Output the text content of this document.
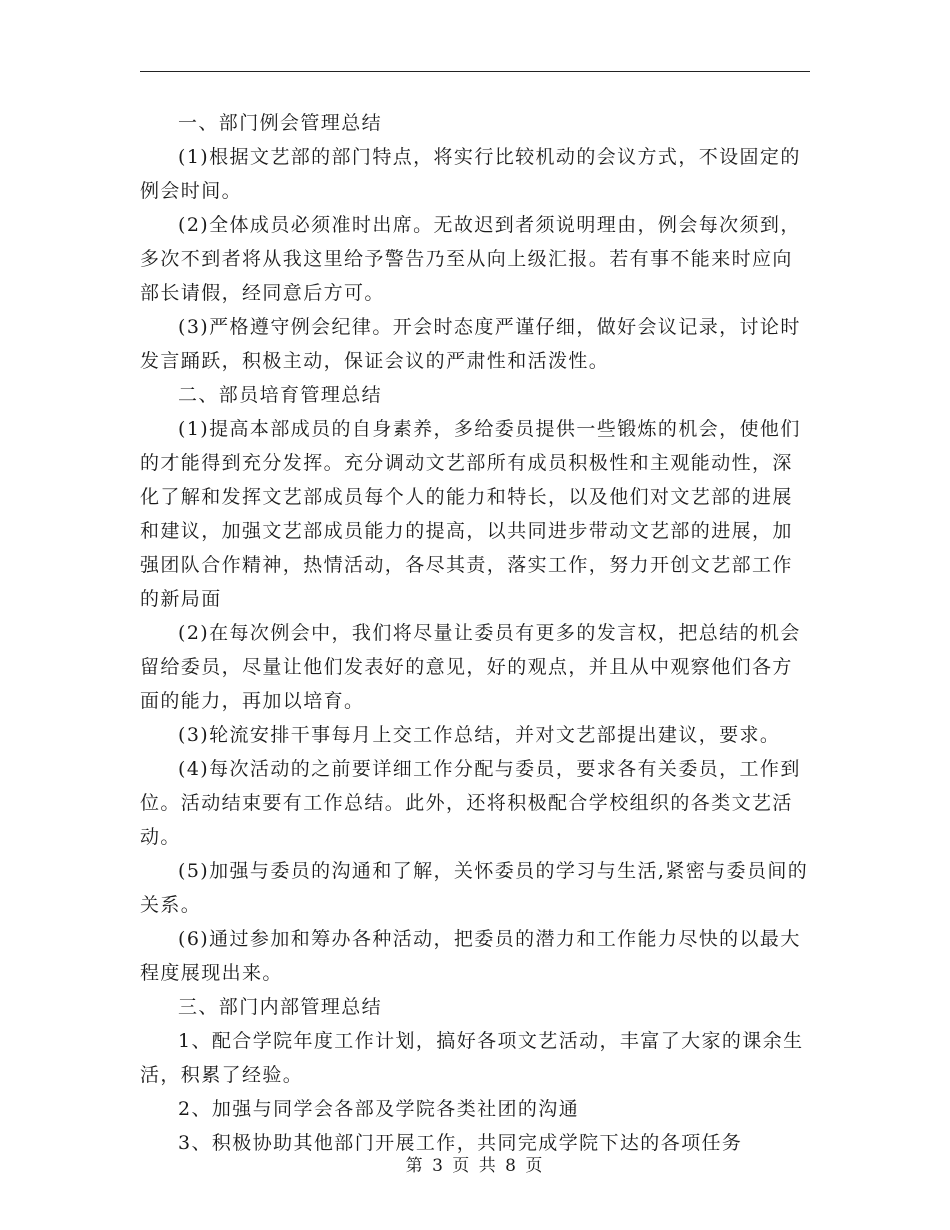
一、部门例会管理总结

(1)根据文艺部的部门特点，将实行比较机动的会议方式，不设固定的例会时间。

(2)全体成员必须准时出席。无故迟到者须说明理由，例会每次须到，多次不到者将从我这里给予警告乃至从向上级汇报。若有事不能来时应向部长请假，经同意后方可。

(3)严格遵守例会纪律。开会时态度严谨仔细，做好会议记录，讨论时发言踊跃，积极主动，保证会议的严肃性和活泼性。

二、部员培育管理总结

(1)提高本部成员的自身素养，多给委员提供一些锻炼的机会，使他们的才能得到充分发挥。充分调动文艺部所有成员积极性和主观能动性，深化了解和发挥文艺部成员每个人的能力和特长，以及他们对文艺部的进展和建议，加强文艺部成员能力的提高，以共同进步带动文艺部的进展，加强团队合作精神，热情活动，各尽其责，落实工作，努力开创文艺部工作的新局面

(2)在每次例会中，我们将尽量让委员有更多的发言权，把总结的机会留给委员，尽量让他们发表好的意见，好的观点，并且从中观察他们各方面的能力，再加以培育。

(3)轮流安排干事每月上交工作总结，并对文艺部提出建议，要求。

(4)每次活动的之前要详细工作分配与委员，要求各有关委员，工作到位。活动结束要有工作总结。此外，还将积极配合学校组织的各类文艺活动。

(5)加强与委员的沟通和了解，关怀委员的学习与生活,紧密与委员间的关系。

(6)通过参加和筹办各种活动，把委员的潜力和工作能力尽快的以最大程度展现出来。

三、部门内部管理总结

1、配合学院年度工作计划，搞好各项文艺活动，丰富了大家的课余生活，积累了经验。

2、加强与同学会各部及学院各类社团的沟通

3、积极协助其他部门开展工作，共同完成学院下达的各项任务

第 3 页 共 8 页
